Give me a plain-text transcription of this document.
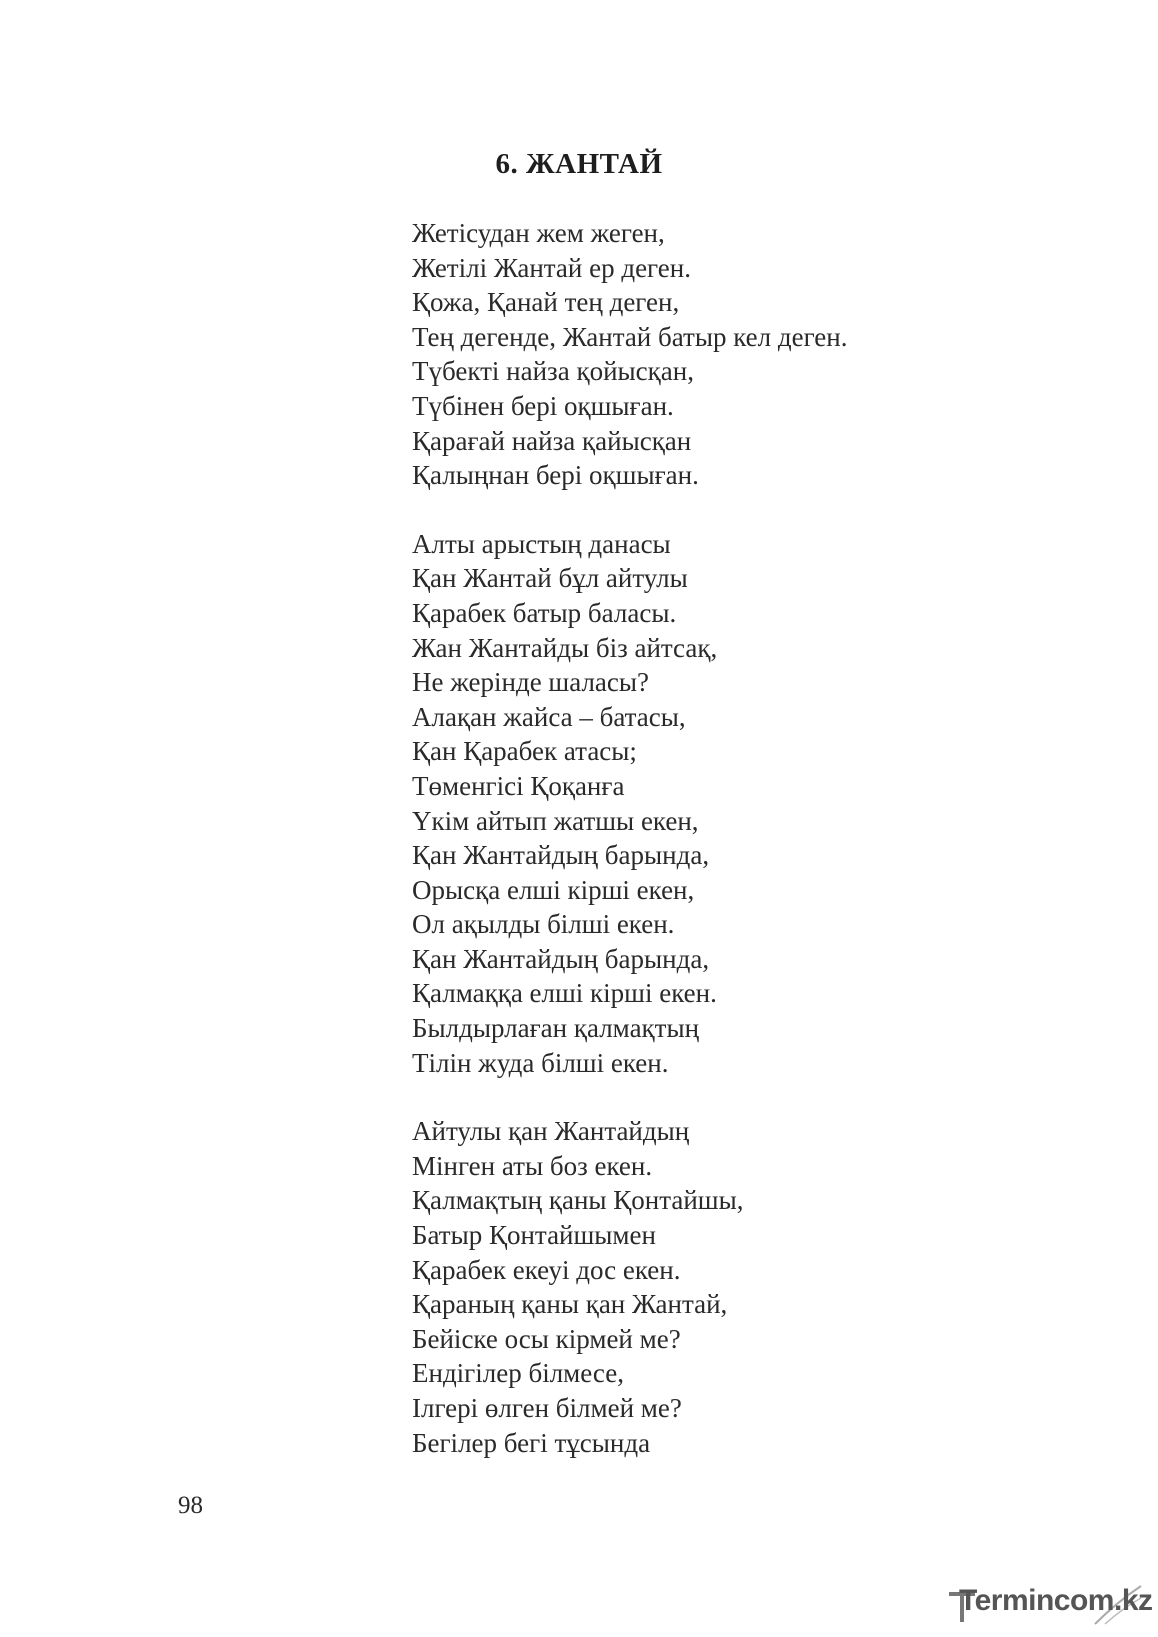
6. ЖАНТАЙ
Жетісудан жем жеген,
Жетілі Жантай ер деген.
Қожа, Қанай тең деген,
Тең дегенде, Жантай батыр кел деген.
Түбекті найза қойысқан,
Түбінен бері оқшыған.
Қарағай найза қайысқан
Қалыңнан бері оқшыған.
Алты арыстың данасы
Қан Жантай бұл айтулы
Қарабек батыр баласы.
Жан Жантайды біз айтсақ,
Не жерінде шаласы?
Алақан жайса – батасы,
Қан Қарабек атасы;
Төменгісі Қоқанға
Үкім айтып жатшы екен,
Қан Жантайдың барында,
Орысқа елші кірші екен,
Ол ақылды білші екен.
Қан Жантайдың барында,
Қалмаққа елші кірші екен.
Былдырлаған қалмақтың
Тілін жуда білші екен.
Айтулы қан Жантайдың
Мінген аты боз екен.
Қалмақтың қаны Қонтайшы,
Батыр Қонтайшымен
Қарабек екеуі дос екен.
Қараның қаны қан Жантай,
Бейіске осы кірмей ме?
Ендігілер білмесе,
Ілгері өлген білмей ме?
Бегілер бегі тұсында
98
Termincom.kz
